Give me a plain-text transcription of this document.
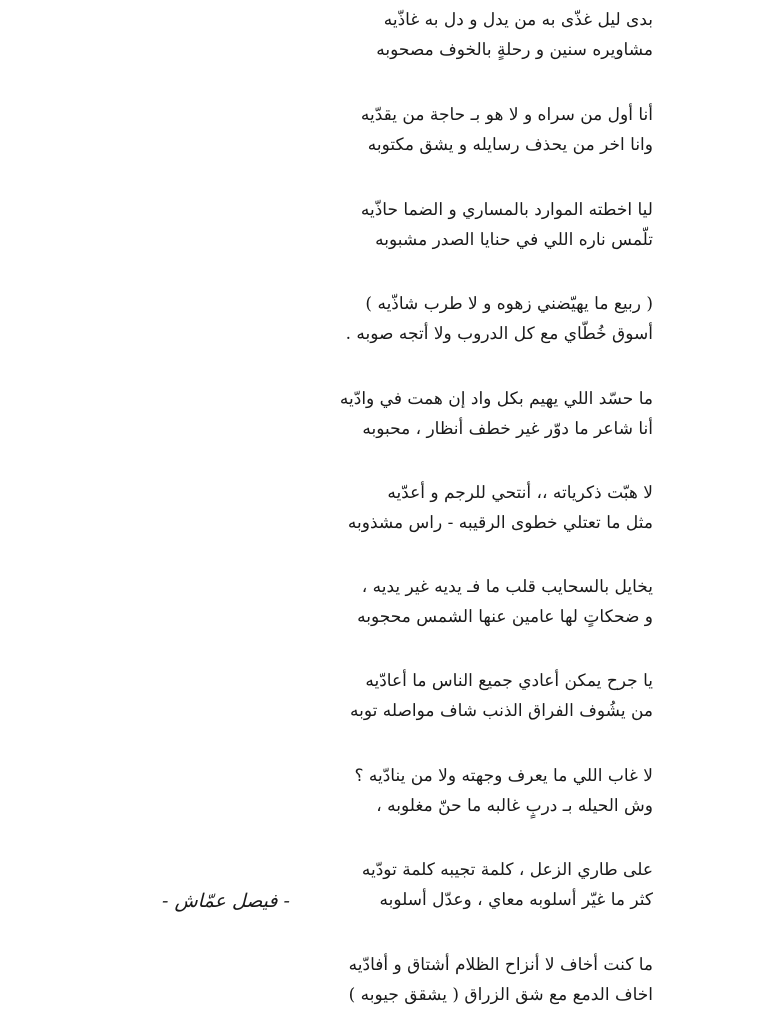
بدى ليل غذّى به من يدل و دل به غاذّيه
مشاويره سنين و رحلةٍ بالخوف مصحوبه
أنا أول من سراه و لا هو بـ حاجة من يقدّيه
وانا اخر من يحذف رسايله و يشق مكتوبه
ليا اخطته الموارد بالمساري و الضما حاذّيه
تلّمس ناره اللي في حنايا الصدر مشبوبه
( ربيع ما يهيّضني زهوه و لا طرب شاذّيه )
أسوق خُطّاي مع كل الدروب ولا أتجه صوبه .
ما حسّد اللي يهيم بكل واد إن همت في وادّيه
أنا شاعر ما دوّر غير خطف أنظار ، محبوبه
لا هبّت ذكرياته ،، أنتحي للرجم و أعدّيه
مثل ما تعتلي خطوى الرقيبه - راس مشذوبه
يخايل بالسحايب قلب ما فـ يديه غير يديه ،
و ضحكاتٍ لها عامين عنها الشمس محجوبه
يا جرح يمكن أعادي جميع الناس ما أعادّيه
من يشُوف الفراق الذنب شاف مواصله توبه
لا غاب اللي ما يعرف وجهته ولا من ينادّيه ؟
وش الحيله بـ دربٍ غالبه ما حنّ مغلوبه ،
على طاري الزعل ، كلمة تجيبه كلمة تودّيه
كثر ما غيّر أسلوبه معاي ، وعدّل أسلوبه
ما كنت أخاف لا أنزاح الظلام أشتاق و أفادّيه
اخاف الدمع مع شق الزراق ( يشقق جيوبه )
- فيصل عمّاش -
